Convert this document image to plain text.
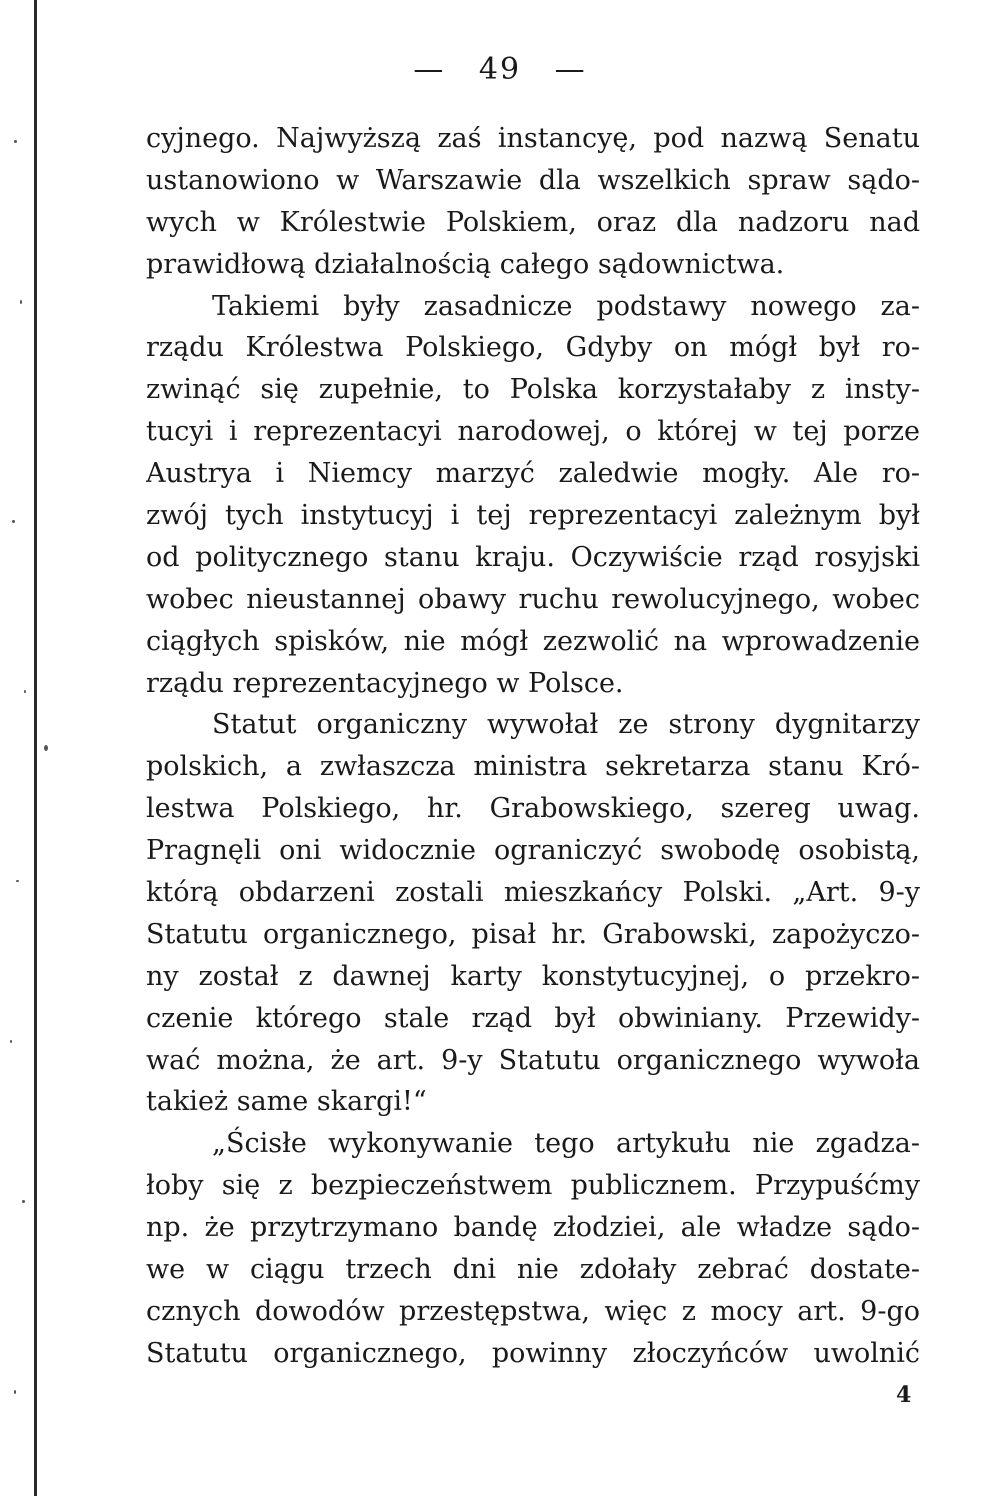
— 49 —
cyjnego. Najwyższą zaś instancyę, pod nazwą Senatu
ustanowiono w Warszawie dla wszelkich spraw sądo-
wych w Królestwie Polskiem, oraz dla nadzoru nad
prawidłową działalnością całego sądownictwa.
Takiemi były zasadnicze podstawy nowego za-
rządu Królestwa Polskiego, Gdyby on mógł był ro-
zwinąć się zupełnie, to Polska korzystałaby z insty-
tucyi i reprezentacyi narodowej, o której w tej porze
Austrya i Niemcy marzyć zaledwie mogły. Ale ro-
zwój tych instytucyj i tej reprezentacyi zależnym był
od politycznego stanu kraju. Oczywiście rząd rosyjski
wobec nieustannej obawy ruchu rewolucyjnego, wobec
ciągłych spisków, nie mógł zezwolić na wprowadzenie
rządu reprezentacyjnego w Polsce.
Statut organiczny wywołał ze strony dygnitarzy
polskich, a zwłaszcza ministra sekretarza stanu Kró-
lestwa Polskiego, hr. Grabowskiego, szereg uwag.
Pragnęli oni widocznie ograniczyć swobodę osobistą,
którą obdarzeni zostali mieszkańcy Polski. „Art. 9-y
Statutu organicznego, pisał hr. Grabowski, zapożyczo-
ny został z dawnej karty konstytucyjnej, o przekro-
czenie którego stale rząd był obwiniany. Przewidy-
wać można, że art. 9-y Statutu organicznego wywoła
takież same skargi!“
„Ścisłe wykonywanie tego artykułu nie zgadza-
łoby się z bezpieczeństwem publicznem. Przypuśćmy
np. że przytrzymano bandę złodziei, ale władze sądo-
we w ciągu trzech dni nie zdołały zebrać dostate-
cznych dowodów przestępstwa, więc z mocy art. 9-go
Statutu organicznego, powinny złoczyńców uwolnić
4
